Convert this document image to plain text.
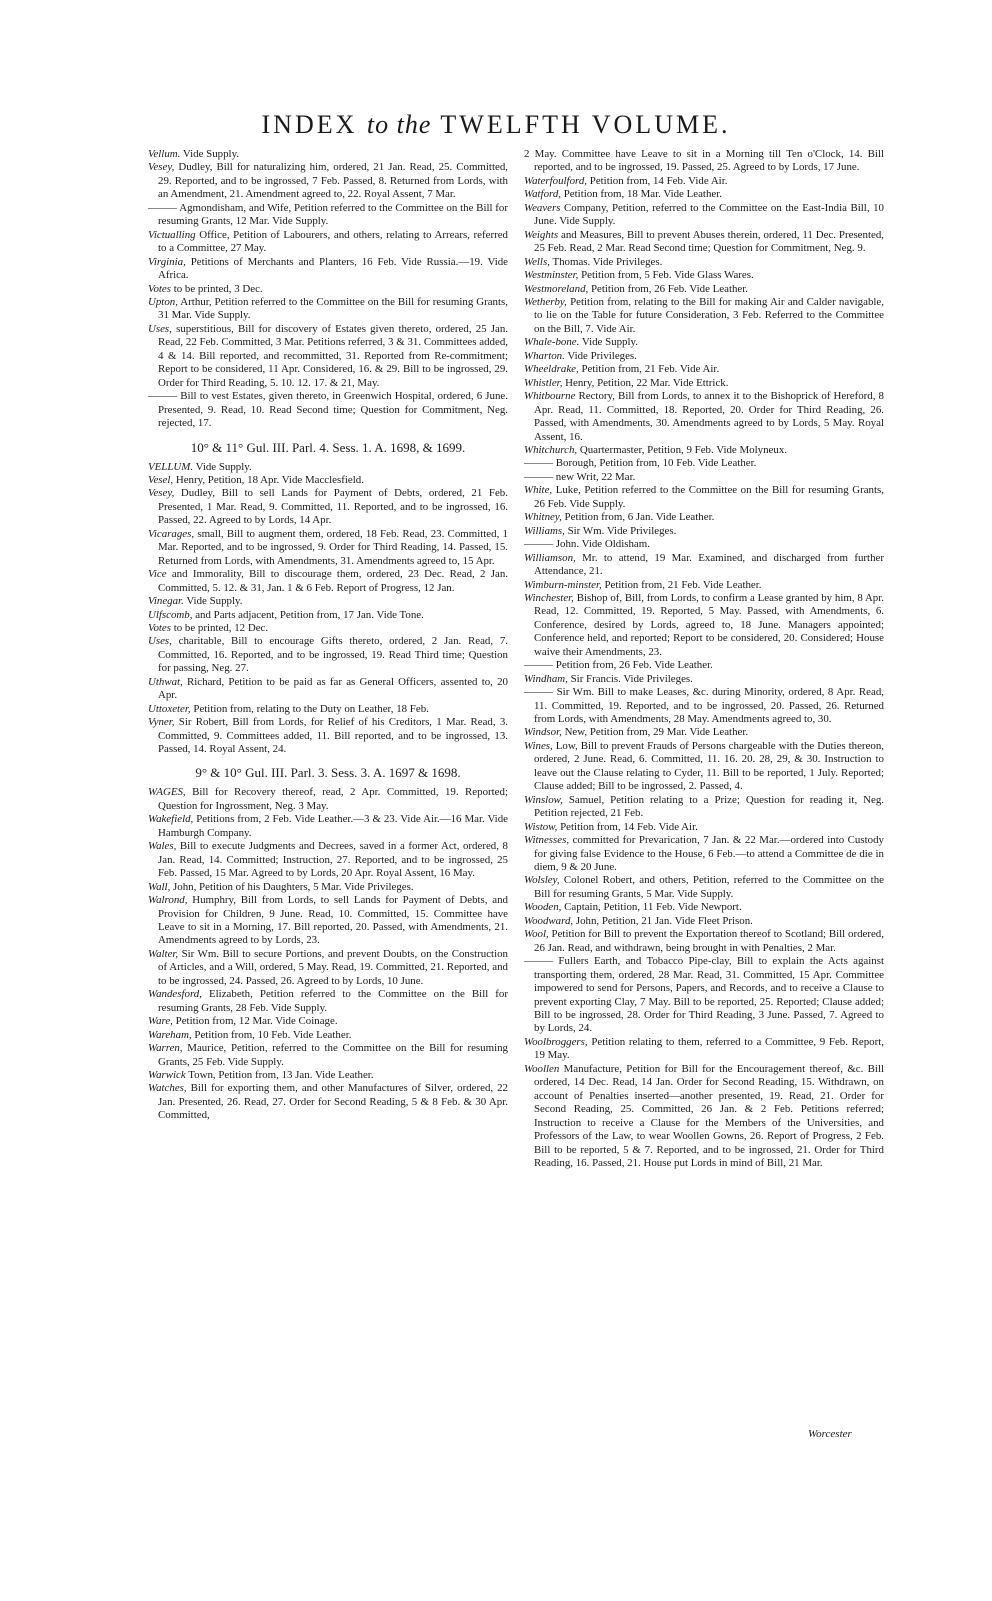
INDEX to the TWELFTH VOLUME.

Vellum. Vide Supply.

Vesey, Dudley, Bill for naturalizing him, ordered, 21 Jan. Read, 25. Committed, 29. Reported, and to be ingrossed, 7 Feb. Passed, 8. Returned from Lords, with an Amendment, 21. Amendment agreed to, 22. Royal Assent, 7 Mar.

——— Agmondisham, and Wife, Petition referred to the Committee on the Bill for resuming Grants, 12 Mar. Vide Supply.

Victualling Office, Petition of Labourers, and others, relating to Arrears, referred to a Committee, 27 May.

Virginia, Petitions of Merchants and Planters, 16 Feb. Vide Russia.—19. Vide Africa.

Votes to be printed, 3 Dec.

Upton, Arthur, Petition referred to the Committee on the Bill for resuming Grants, 31 Mar. Vide Supply.

Uses, superstitious, Bill for discovery of Estates given thereto, ordered, 25 Jan. Read, 22 Feb. Committed, 3 Mar. Petitions referred, 3 & 31. Committees added, 4 & 14. Bill reported, and recommitted, 31. Reported from Re-commitment; Report to be considered, 11 Apr. Considered, 16. & 29. Bill to be ingrossed, 29. Order for Third Reading, 5. 10. 12. 17. & 21, May.

——— Bill to vest Estates, given thereto, in Greenwich Hospital, ordered, 6 June. Presented, 9. Read, 10. Read Second time; Question for Commitment, Neg. rejected, 17.

10° & 11° Gul. III. Parl. 4. Sess. 1. A. 1698, & 1699.

VELLUM. Vide Supply.

Vesel, Henry, Petition, 18 Apr. Vide Macclesfield.

Vesey, Dudley, Bill to sell Lands for Payment of Debts, ordered, 21 Feb. Presented, 1 Mar. Read, 9. Committed, 11. Reported, and to be ingrossed, 16. Passed, 22. Agreed to by Lords, 14 Apr.

Vicarages, small, Bill to augment them, ordered, 18 Feb. Read, 23. Committed, 1 Mar. Reported, and to be ingrossed, 9. Order for Third Reading, 14. Passed, 15. Returned from Lords, with Amendments, 31. Amendments agreed to, 15 Apr.

Vice and Immorality, Bill to discourage them, ordered, 23 Dec. Read, 2 Jan. Committed, 5. 12. & 31, Jan. 1 & 6 Feb. Report of Progress, 12 Jan.

Vinegar. Vide Supply.

Ulfscomb, and Parts adjacent, Petition from, 17 Jan. Vide Tone.

Votes to be printed, 12 Dec.

Uses, charitable, Bill to encourage Gifts thereto, ordered, 2 Jan. Read, 7. Committed, 16. Reported, and to be ingrossed, 19. Read Third time; Question for passing, Neg. 27.

Uthwat, Richard, Petition to be paid as far as General Officers, assented to, 20 Apr.

Uttoxeter, Petition from, relating to the Duty on Leather, 18 Feb.

Vyner, Sir Robert, Bill from Lords, for Relief of his Creditors, 1 Mar. Read, 3. Committed, 9. Committees added, 11. Bill reported, and to be ingrossed, 13. Passed, 14. Royal Assent, 24.

9° & 10° Gul. III. Parl. 3. Sess. 3. A. 1697 & 1698.

WAGES, Bill for Recovery thereof, read, 2 Apr. Committed, 19. Reported; Question for Ingrossment, Neg. 3 May.

Wakefield, Petitions from, 2 Feb. Vide Leather.—3 & 23. Vide Air.—16 Mar. Vide Hamburgh Company.

Wales, Bill to execute Judgments and Decrees, saved in a former Act, ordered, 8 Jan. Read, 14. Committed; Instruction, 27. Reported, and to be ingrossed, 25 Feb. Passed, 15 Mar. Agreed to by Lords, 20 Apr. Royal Assent, 16 May.

Wall, John, Petition of his Daughters, 5 Mar. Vide Privileges.

Walrond, Humphry, Bill from Lords, to sell Lands for Payment of Debts, and Provision for Children, 9 June. Read, 10. Committed, 15. Committee have Leave to sit in a Morning, 17. Bill reported, 20. Passed, with Amendments, 21. Amendments agreed to by Lords, 23.

Walter, Sir Wm. Bill to secure Portions, and prevent Doubts, on the Construction of Articles, and a Will, ordered, 5 May. Read, 19. Committed, 21. Reported, and to be ingrossed, 24. Passed, 26. Agreed to by Lords, 10 June.

Wandesford, Elizabeth, Petition referred to the Committee on the Bill for resuming Grants, 28 Feb. Vide Supply.

Ware, Petition from, 12 Mar. Vide Coinage.

Wareham, Petition from, 10 Feb. Vide Leather.

Warren, Maurice, Petition, referred to the Committee on the Bill for resuming Grants, 25 Feb. Vide Supply.

Warwick Town, Petition from, 13 Jan. Vide Leather.

Watches, Bill for exporting them, and other Manufactures of Silver, ordered, 22 Jan. Presented, 26. Read, 27. Order for Second Reading, 5 & 8 Feb. & 30 Apr. Committed,

2 May. Committee have Leave to sit in a Morning till Ten o'Clock, 14. Bill reported, and to be ingrossed, 19. Passed, 25. Agreed to by Lords, 17 June.

Waterfoulford, Petition from, 14 Feb. Vide Air.

Watford, Petition from, 18 Mar. Vide Leather.

Weavers Company, Petition, referred to the Committee on the East-India Bill, 10 June. Vide Supply.

Weights and Measures, Bill to prevent Abuses therein, ordered, 11 Dec. Presented, 25 Feb. Read, 2 Mar. Read Second time; Question for Commitment, Neg. 9.

Wells, Thomas. Vide Privileges.

Westminster, Petition from, 5 Feb. Vide Glass Wares.

Westmoreland, Petition from, 26 Feb. Vide Leather.

Wetherby, Petition from, relating to the Bill for making Air and Calder navigable, to lie on the Table for future Consideration, 3 Feb. Referred to the Committee on the Bill, 7. Vide Air.

Whale-bone. Vide Supply.

Wharton. Vide Privileges.

Wheeldrake, Petition from, 21 Feb. Vide Air.

Whistler, Henry, Petition, 22 Mar. Vide Ettrick.

Whitbourne Rectory, Bill from Lords, to annex it to the Bishoprick of Hereford, 8 Apr. Read, 11. Committed, 18. Reported, 20. Order for Third Reading, 26. Passed, with Amendments, 30. Amendments agreed to by Lords, 5 May. Royal Assent, 16.

Whitchurch, Quartermaster, Petition, 9 Feb. Vide Molyneux.

——— Borough, Petition from, 10 Feb. Vide Leather.

——— new Writ, 22 Mar.

White, Luke, Petition referred to the Committee on the Bill for resuming Grants, 26 Feb. Vide Supply.

Whitney, Petition from, 6 Jan. Vide Leather.

Williams, Sir Wm. Vide Privileges.

——— John. Vide Oldisham.

Williamson, Mr. to attend, 19 Mar. Examined, and discharged from further Attendance, 21.

Wimburn-minster, Petition from, 21 Feb. Vide Leather.

Winchester, Bishop of, Bill, from Lords, to confirm a Lease granted by him, 8 Apr. Read, 12. Committed, 19. Reported, 5 May. Passed, with Amendments, 6. Conference, desired by Lords, agreed to, 18 June. Managers appointed; Conference held, and reported; Report to be considered, 20. Considered; House waive their Amendments, 23.

——— Petition from, 26 Feb. Vide Leather.

Windham, Sir Francis. Vide Privileges.

——— Sir Wm. Bill to make Leases, &c. during Minority, ordered, 8 Apr. Read, 11. Committed, 19. Reported, and to be ingrossed, 20. Passed, 26. Returned from Lords, with Amendments, 28 May. Amendments agreed to, 30.

Windsor, New, Petition from, 29 Mar. Vide Leather.

Wines, Low, Bill to prevent Frauds of Persons chargeable with the Duties thereon, ordered, 2 June. Read, 6. Committed, 11. 16. 20. 28, 29, & 30. Instruction to leave out the Clause relating to Cyder, 11. Bill to be reported, 1 July. Reported; Clause added; Bill to be ingrossed, 2. Passed, 4.

Winslow, Samuel, Petition relating to a Prize; Question for reading it, Neg. Petition rejected, 21 Feb.

Wistow, Petition from, 14 Feb. Vide Air.

Witnesses, committed for Prevarication, 7 Jan. & 22 Mar.—ordered into Custody for giving false Evidence to the House, 6 Feb.—to attend a Committee de die in diem, 9 & 20 June.

Wolsley, Colonel Robert, and others, Petition, referred to the Committee on the Bill for resuming Grants, 5 Mar. Vide Supply.

Wooden, Captain, Petition, 11 Feb. Vide Newport.

Woodward, John, Petition, 21 Jan. Vide Fleet Prison.

Wool, Petition for Bill to prevent the Exportation thereof to Scotland; Bill ordered, 26 Jan. Read, and withdrawn, being brought in with Penalties, 2 Mar.

——— Fullers Earth, and Tobacco Pipe-clay, Bill to explain the Acts against transporting them, ordered, 28 Mar. Read, 31. Committed, 15 Apr. Committee impowered to send for Persons, Papers, and Records, and to receive a Clause to prevent exporting Clay, 7 May. Bill to be reported, 25. Reported; Clause added; Bill to be ingrossed, 28. Order for Third Reading, 3 June. Passed, 7. Agreed to by Lords, 24.

Woolbroggers, Petition relating to them, referred to a Committee, 9 Feb. Report, 19 May.

Woollen Manufacture, Petition for Bill for the Encouragement thereof, &c. Bill ordered, 14 Dec. Read, 14 Jan. Order for Second Reading, 15. Withdrawn, on account of Penalties inserted—another presented, 19. Read, 21. Order for Second Reading, 25. Committed, 26 Jan. & 2 Feb. Petitions referred; Instruction to receive a Clause for the Members of the Universities, and Professors of the Law, to wear Woollen Gowns, 26. Report of Progress, 2 Feb. Bill to be reported, 5 & 7. Reported, and to be ingrossed, 21. Order for Third Reading, 16. Passed, 21. House put Lords in mind of Bill, 21 Mar.

Worcester
